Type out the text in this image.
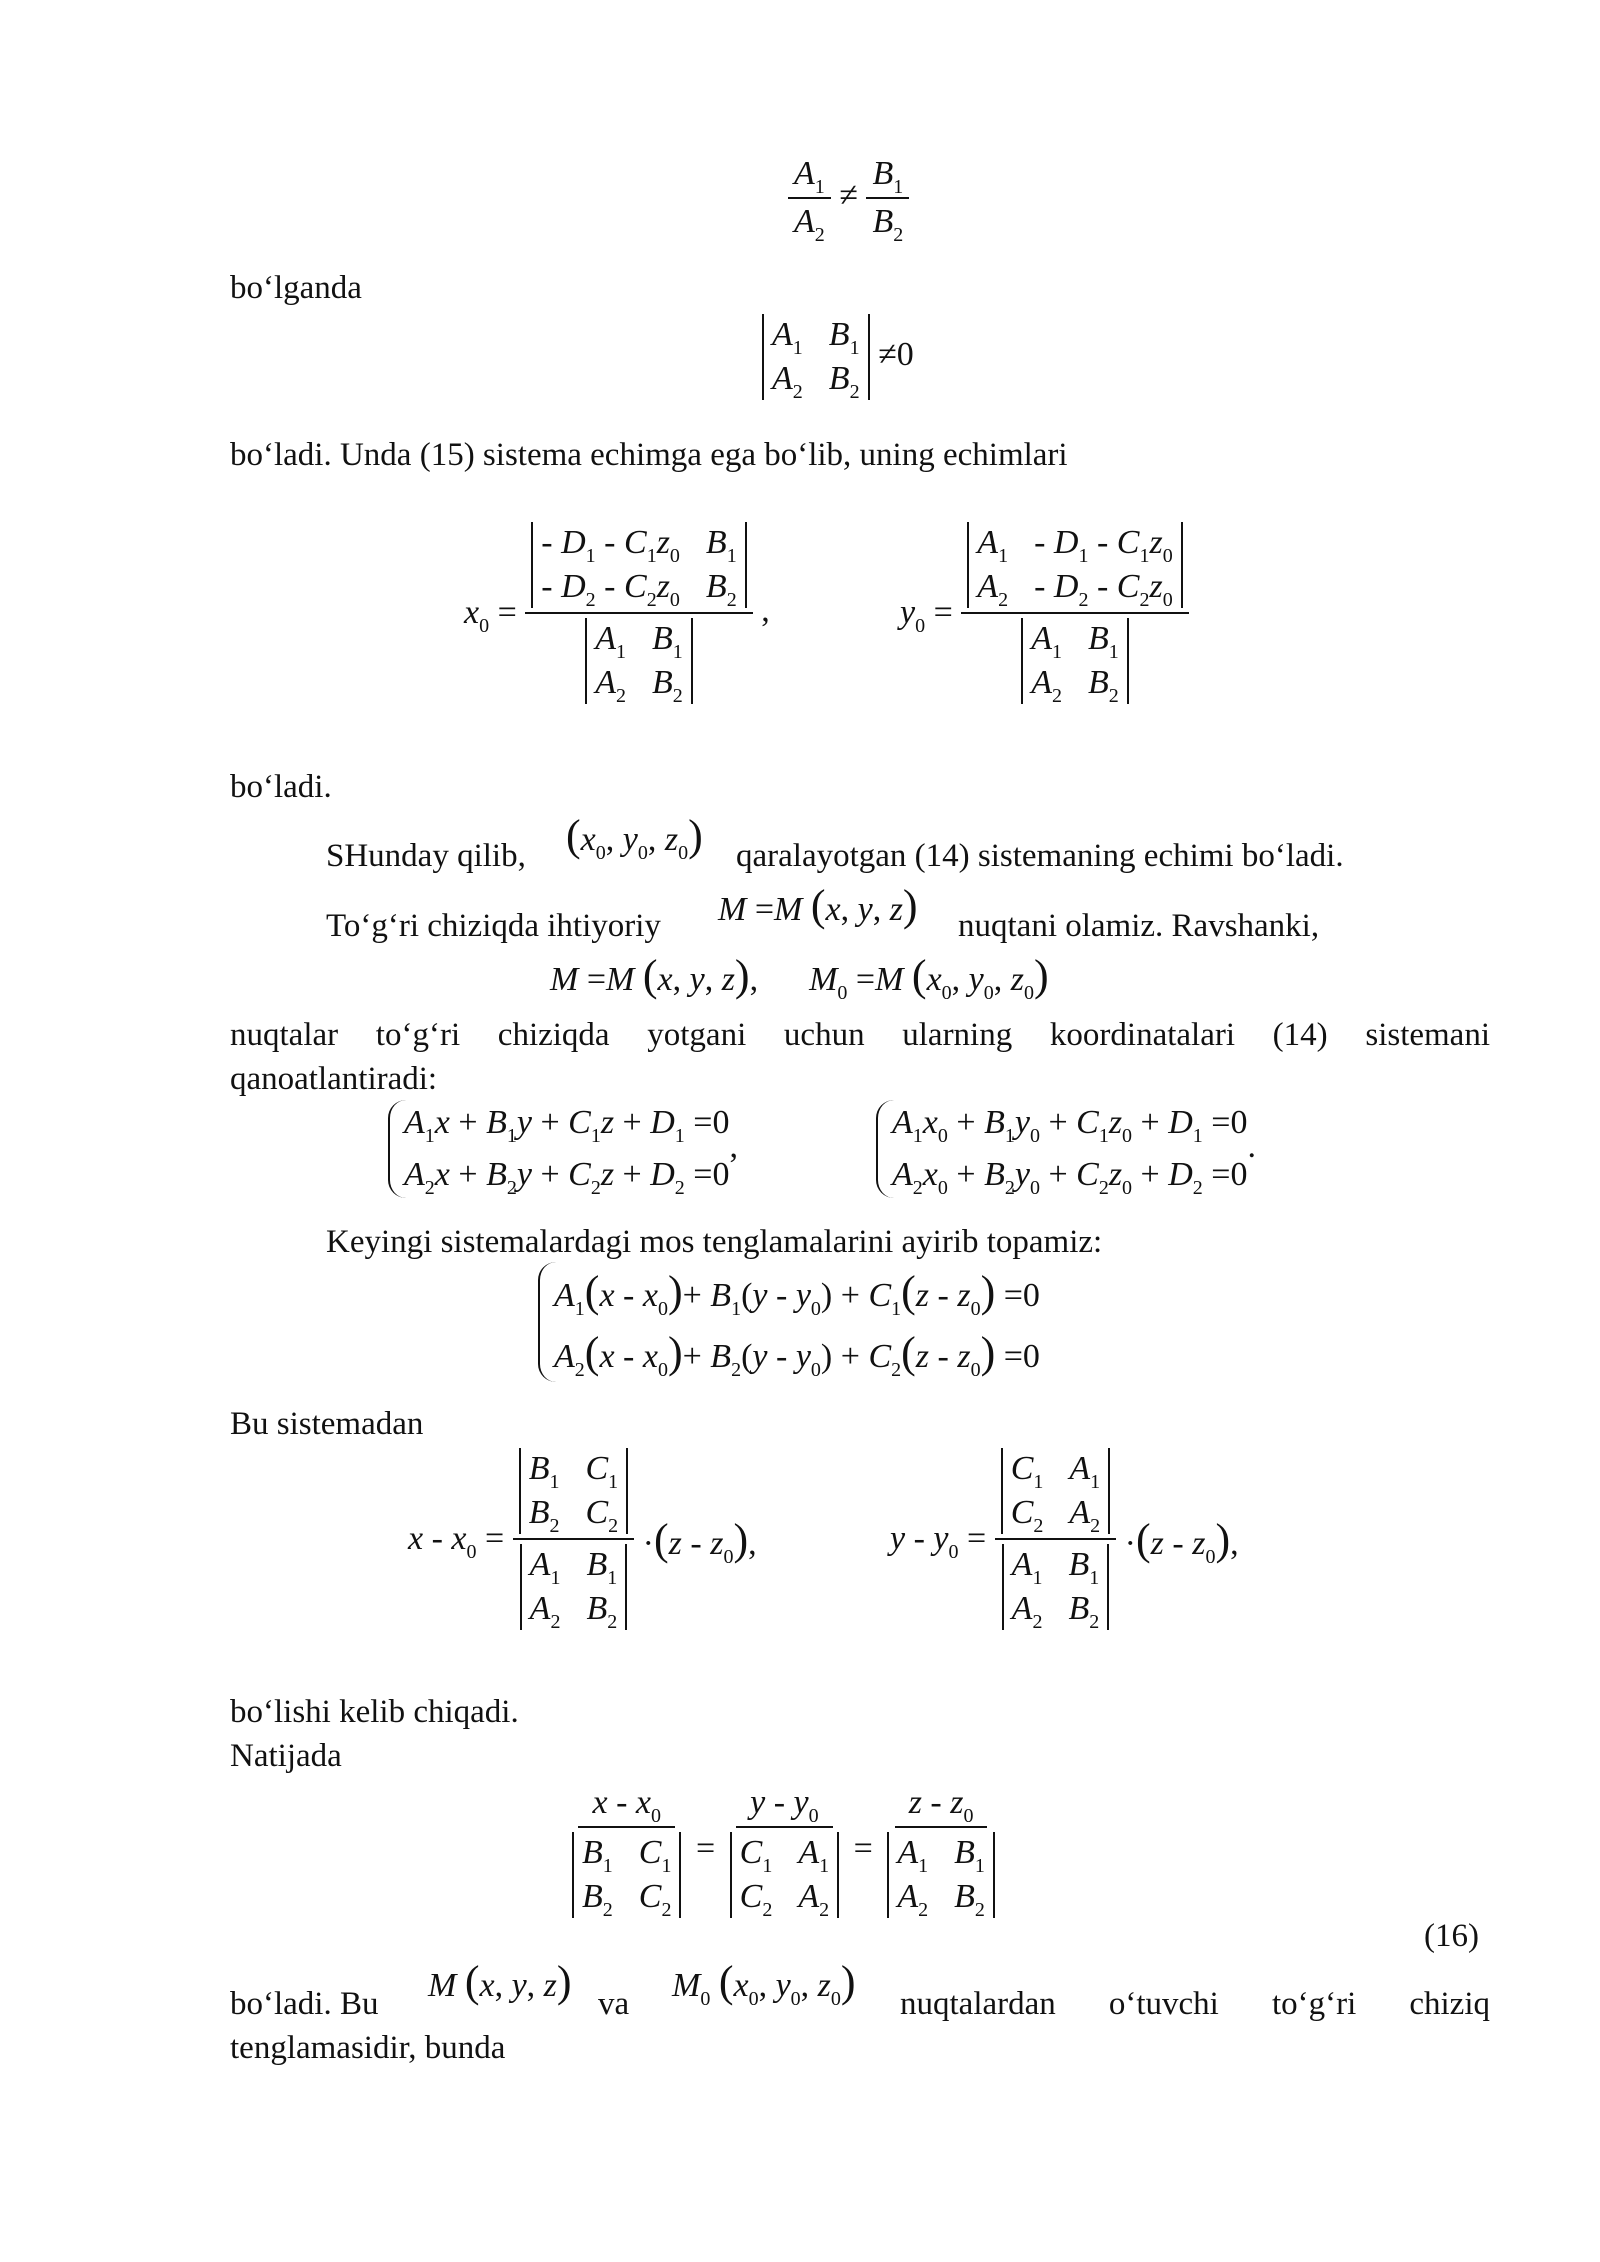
$\frac{A_1}{A_2} \ne \frac{B_1}{B_2}$
bo‘lganda
$A_1$ $B_1$
$A_2$ $B_2$
≠0
bo‘ladi. Unda (15) sistema echimga ega bo‘lib, uning echimlari
$x_0$ = - $D_1 - C_1z_0$ $B_1$
- $D_2 - C_2z_0$ $B_2$
$A_1$ $B_1$
$A_2$ $B_2$ ,	$y_0 = A_1 - D_1 - C_1z_0$
$A_2 - D_2 - C_2z_0$
$A_1$ $B_1$
$A_2$ $B_2$
bo‘ladi.
SHunday qilib, ($x_0$, $y_0$, $z_0$) qaralayotgan (14) sistemaning echimi bo‘ladi.
To‘g‘ri chiziqda ihtiyoriy M =M (x, y, z) nuqtani olamiz. Ravshanki,
M =M (x, y, z),      $M_0 =M$ ($x_0$, $y_0$, $z_0$)
nuqtalar to‘g‘ri chiziqda yotgani uchun ularning koordinatalari (14) sistemani
qanoatlantiradi:
$A_1x + B_1y + C_1z + D_1 =0$
$A_2x + B_2y + C_2z + D_2 =0$
,
$A_1x_0 + B_1y_0 + C_1z_0 + D_1 =0$
$A_2x_0 + B_2y_0 + C_2z_0 + D_2 =0$
.
Keyingi sistemalardagi mos tenglamalarini ayirib topamiz:
$A_1(x - x_0)+ B_1(y - y_0) + C_1(z - z_0) =0$
$A_2(x - x_0)+ B_2(y - y_0) + C_2(z - z_0) =0$
Bu sistemadan
$x - x_0 = B_1$ $C_1$
$B_2$ $C_2$
$A_1$ $B_1$
$A_2$ $B_2 \cdot(z - z_0)$,	$y - y_0 = C_1$ $A_1$
$C_2$ $A_2$
$A_1$ $B_1$
$A_2$ $B_2 \cdot(z - z_0)$,
bo‘lishi kelib chiqadi.
Natijada
x - $x_0$
$B_1$ $C_1$
$B_2$ $C_2 = y - y_0$
$C_1$ $A_1$
$C_2$ $A_2 = z - z_0$
$A_1$ $B_1$
$A_2$ $B_2$
(16)
bo‘ladi. Bu M (x, y, z) va $M_0$ ($x_0$, $y_0$, $z_0$) nuqtalardan o‘tuvchi to‘g‘ri chiziq
tenglamasidir, bunda
